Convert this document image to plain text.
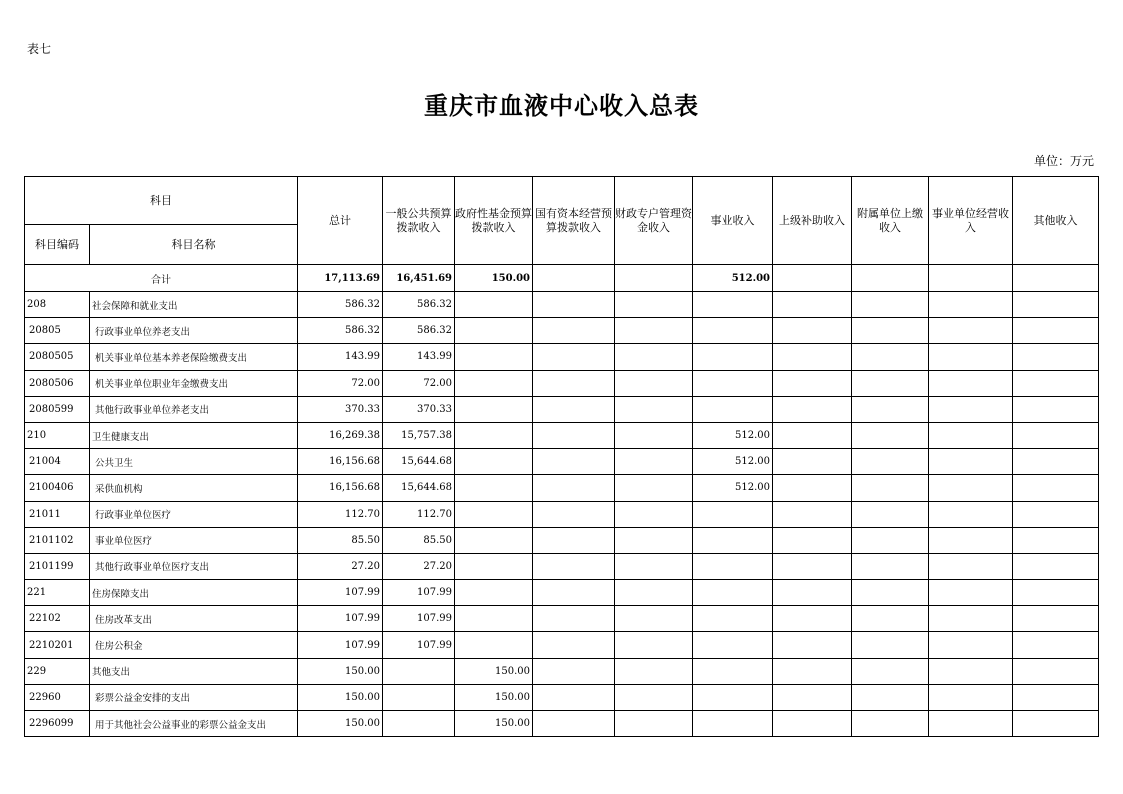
表七
重庆市血液中心收入总表
单位：万元
科目		总计	一般公共预算拨款收入	政府性基金预算拨款收入	国有资本经营预算拨款收入	财政专户管理资金收入	事业收入	上级补助收入	附属单位上缴收入	事业单位经营收入	其他收入
科目编码	科目名称										
合计		17,113.69	16,451.69	150.00			512.00				
208	社会保障和就业支出	586.32	586.32								
20805	行政事业单位养老支出	586.32	586.32								
2080505	机关事业单位基本养老保险缴费支出	143.99	143.99								
2080506	机关事业单位职业年金缴费支出	72.00	72.00								
2080599	其他行政事业单位养老支出	370.33	370.33								
210	卫生健康支出	16,269.38	15,757.38				512.00				
21004	公共卫生	16,156.68	15,644.68				512.00				
2100406	采供血机构	16,156.68	15,644.68				512.00				
21011	行政事业单位医疗	112.70	112.70								
2101102	事业单位医疗	85.50	85.50								
2101199	其他行政事业单位医疗支出	27.20	27.20								
221	住房保障支出	107.99	107.99								
22102	住房改革支出	107.99	107.99								
2210201	住房公积金	107.99	107.99								
229	其他支出	150.00		150.00							
22960	彩票公益金安排的支出	150.00		150.00							
2296099	用于其他社会公益事业的彩票公益金支出	150.00		150.00							
